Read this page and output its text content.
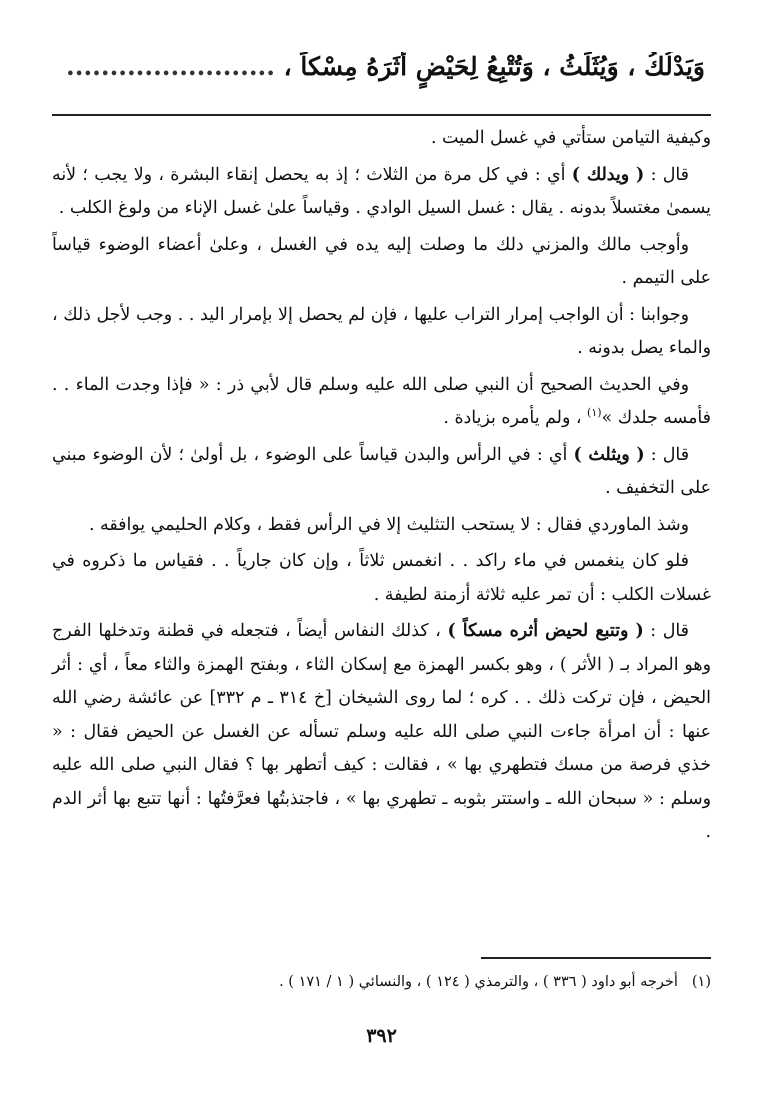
وَيَدْلُكُ ، وَيُثَلِّثُ ، وَتُتْبِعُ لِحَيْضٍ أَثَرَهُ مِسْكاً ، ........................

وكيفية التيامن ستأتي في غسل الميت .

قال : ( ويدلك ) أي : في كل مرة من الثلاث ؛ إذ به يحصل إنقاء البشرة ، ولا يجب ؛ لأنه يسمىٰ مغتسلاً بدونه . يقال : غسل السيل الوادي . وقياساً علىٰ غسل الإناء من ولوغ الكلب .

وأوجب مالك والمزني دلك ما وصلت إليه يده في الغسل ، وعلىٰ أعضاء الوضوء قياساً على التيمم .

وجوابنا : أن الواجب إمرار التراب عليها ، فإن لم يحصل إلا بإمرار اليد . . وجب لأجل ذلك ، والماء يصل بدونه .

وفي الحديث الصحيح أن النبي صلى الله عليه وسلم قال لأبي ذر : « فإذا وجدت الماء . . فأمسه جلدك »$^{(١)}$ ، ولم يأمره بزيادة .

قال : ( ويثلث ) أي : في الرأس والبدن قياساً على الوضوء ، بل أولىٰ ؛ لأن الوضوء مبني على التخفيف .

وشذ الماوردي فقال : لا يستحب التثليث إلا في الرأس فقط ، وكلام الحليمي يوافقه .

فلو كان ينغمس في ماء راكد . . انغمس ثلاثاً ، وإن كان جارياً . . فقياس ما ذكروه في غسلات الكلب : أن تمر عليه ثلاثة أزمنة لطيفة .

قال : ( وتتبع لحيض أثره مسكاً ) ، كذلك النفاس أيضاً ، فتجعله في قطنة وتدخلها الفرج وهو المراد بـ ( الأثر ) ، وهو بكسر الهمزة مع إسكان الثاء ، وبفتح الهمزة والثاء معاً ، أي : أثر الحيض ، فإن تركت ذلك . . كره ؛ لما روى الشيخان [خ ٣١٤ ـ م ٣٣٢] عن عائشة رضي الله عنها : أن امرأة جاءت النبي صلى الله عليه وسلم تسأله عن الغسل عن الحيض فقال : « خذي فرصة من مسك فتطهري بها » ، فقالت : كيف أتطهر بها ؟ فقال النبي صلى الله عليه وسلم : « سبحان الله ـ واستتر بثوبه ـ تطهري بها » ، فاجتذبتُها فعرَّفتُها : أنها تتبع بها أثر الدم .

(١)أخرجه أبو داود ( ٣٣٦ ) ، والترمذي ( ١٢٤ ) ، والنسائي ( ١ / ١٧١ ) .
٣٩٢
